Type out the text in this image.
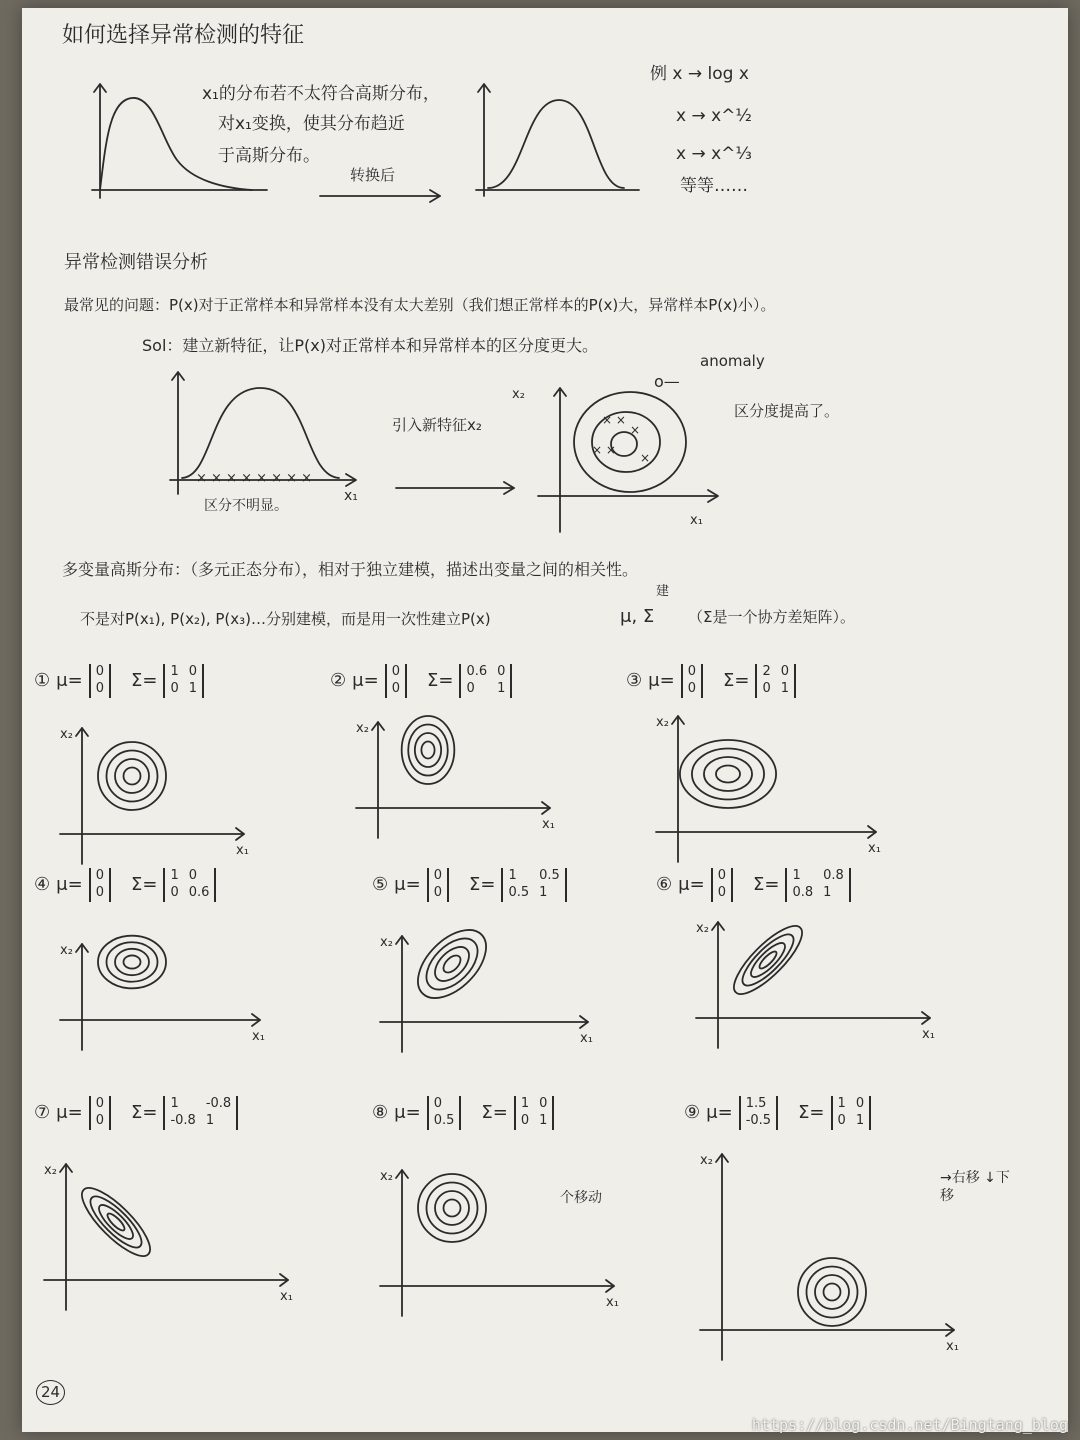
如何选择异常检测的特征
x₁的分布若不太符合高斯分布，
对x₁变换，使其分布趋近
于高斯分布。
转换后
例 x → log x
x → x^½
x → x^⅓
等等……
异常检测错误分析
最常见的问题：P(x)对于正常样本和异常样本没有太大差别（我们想正常样本的P(x)大，异常样本P(x)小）。
Sol：建立新特征，让P(x)对正常样本和异常样本的区分度更大。
anomaly
× × × × × × × ×
x₁
区分不明显。
引入新特征x₂	× ×
× ×
×
×
x₂
x₁
o—
区分度提高了。
多变量高斯分布：（多元正态分布），相对于独立建模，描述出变量之间的相关性。
建
不是对P(x₁), P(x₂), P(x₃)…分别建模，而是用一次性建立P(x)	μ, Σ （Σ是一个协方差矩阵）。
① μ= 0
0 Σ= 1 0
0 1
x₁
x₂
② μ= 0
0 Σ= 0.6 0
0	1
x₁
x₂
③ μ= 0
0 Σ= 2 0
0 1
x₁
x₂
④ μ= 0
0 Σ= 1 0
0 0.6
x₁
x₂
⑤ μ= 0
0 Σ= 1	0.5
0.5 1
x₁
x₂
⑥ μ= 0
0 Σ= 1	0.8
0.8 1
x₁
x₂
⑦ μ= 0
0 Σ= 1	-0.8
-0.8 1
x₁
x₂
⑧ μ= 0
0.5 Σ= 1 0
0 1
x₁
x₂
个移动
⑨ μ= 1.5
-0.5 Σ= 1 0
0 1
x₁
x₂
→右移 ↓下移
24
https://blog.csdn.net/Bingtang_blog
